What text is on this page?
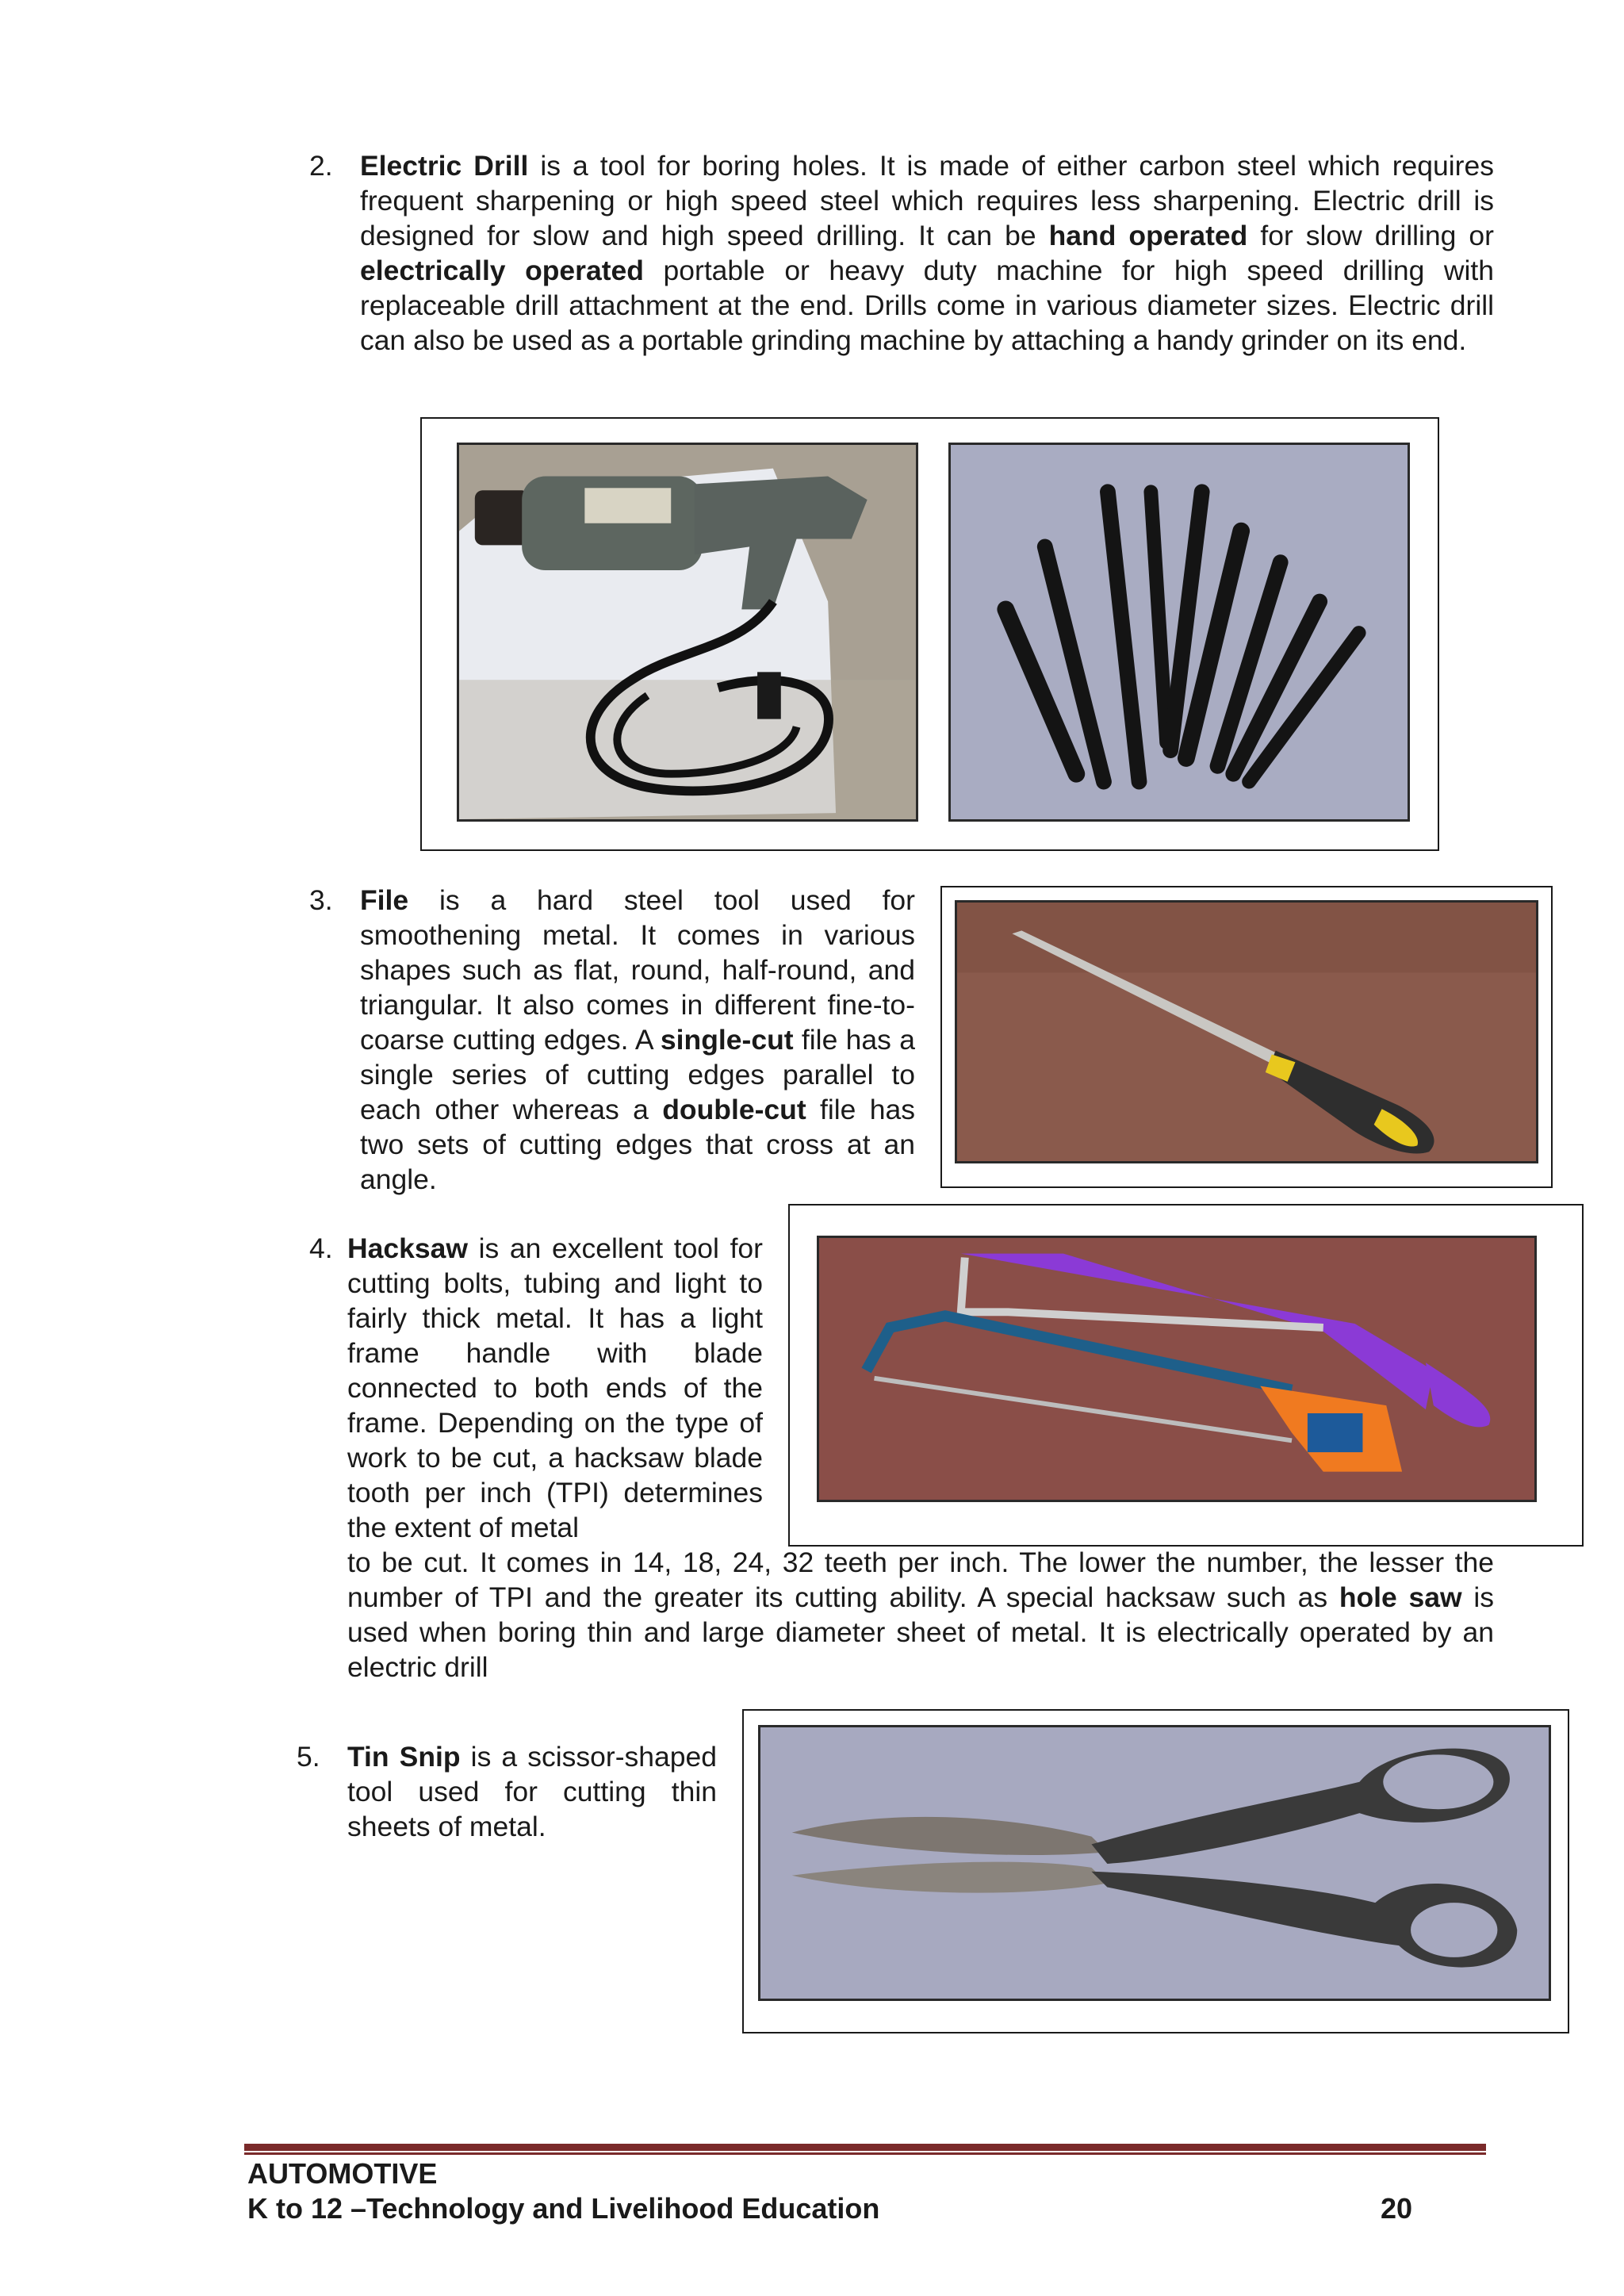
2. Electric Drill is a tool for boring holes. It is made of either carbon steel which requires frequent sharpening or high speed steel which requires less sharpening. Electric drill is designed for slow and high speed drilling. It can be hand operated for slow drilling or electrically operated portable or heavy duty machine for high speed drilling with replaceable drill attachment at the end. Drills come in various diameter sizes. Electric drill can also be used as a portable grinding machine by attaching a handy grinder on its end.
3. File is a hard steel tool used for smoothening metal. It comes in various shapes such as flat, round, half-round, and triangular. It also comes in different fine-to-coarse cutting edges. A single-cut file has a single series of cutting edges parallel to each other whereas a double-cut file has two sets of cutting edges that cross at an angle.
4. Hacksaw is an excellent tool for cutting bolts, tubing and light to fairly thick metal. It has a light frame handle with blade connected to both ends of the frame. Depending on the type of work to be cut, a hacksaw blade tooth per inch (TPI) determines the extent of metal
to be cut. It comes in 14, 18, 24, 32 teeth per inch. The lower the number, the lesser the number of TPI and the greater its cutting ability. A special hacksaw such as hole saw is used when boring thin and large diameter sheet of metal. It is electrically operated by an electric drill
5. Tin Snip is a scissor-shaped tool used for cutting thin sheets of metal.
AUTOMOTIVE
K to 12 –Technology and Livelihood Education	20
